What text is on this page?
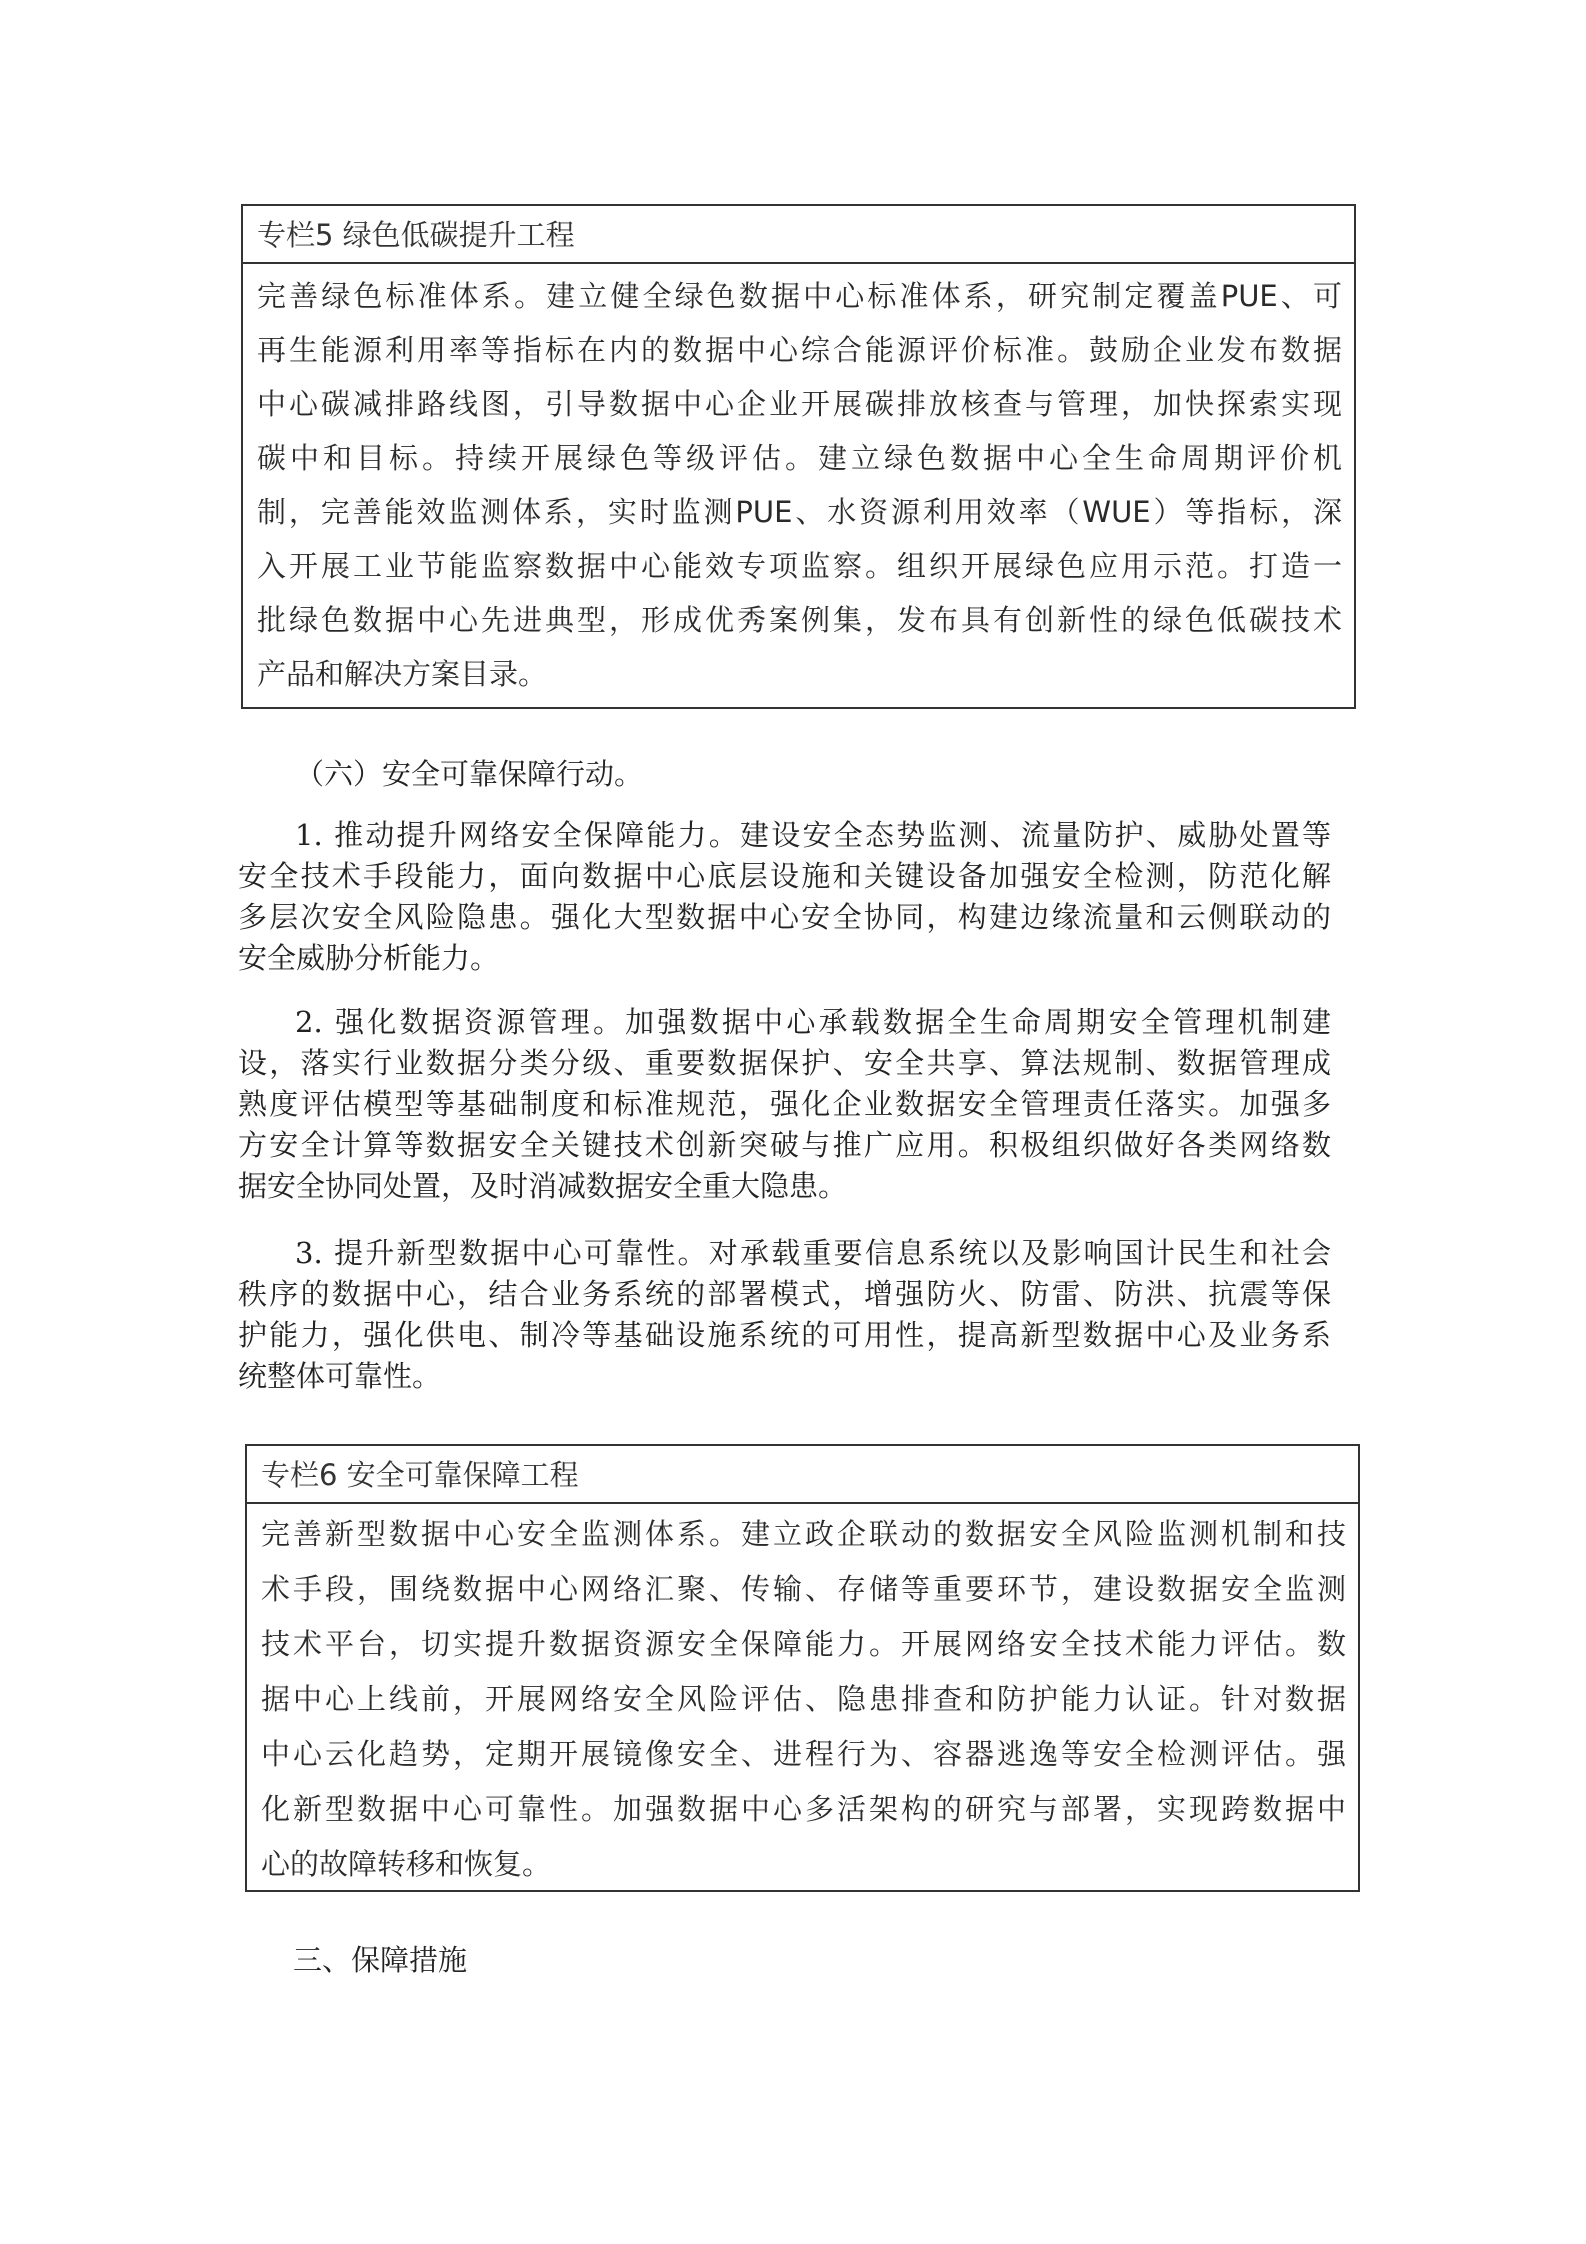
专栏5 绿色低碳提升工程
完善绿色标准体系。建立健全绿色数据中心标准体系，研究制定覆盖PUE、可
再生能源利用率等指标在内的数据中心综合能源评价标准。鼓励企业发布数据
中心碳减排路线图，引导数据中心企业开展碳排放核查与管理，加快探索实现
碳中和目标。持续开展绿色等级评估。建立绿色数据中心全生命周期评价机
制，完善能效监测体系，实时监测PUE、水资源利用效率（WUE）等指标，深
入开展工业节能监察数据中心能效专项监察。组织开展绿色应用示范。打造一
批绿色数据中心先进典型，形成优秀案例集，发布具有创新性的绿色低碳技术
产品和解决方案目录。
（六）安全可靠保障行动。
1. 推动提升网络安全保障能力。建设安全态势监测、流量防护、威胁处置等
安全技术手段能力，面向数据中心底层设施和关键设备加强安全检测，防范化解
多层次安全风险隐患。强化大型数据中心安全协同，构建边缘流量和云侧联动的
安全威胁分析能力。
2. 强化数据资源管理。加强数据中心承载数据全生命周期安全管理机制建
设，落实行业数据分类分级、重要数据保护、安全共享、算法规制、数据管理成
熟度评估模型等基础制度和标准规范，强化企业数据安全管理责任落实。加强多
方安全计算等数据安全关键技术创新突破与推广应用。积极组织做好各类网络数
据安全协同处置，及时消减数据安全重大隐患。
3. 提升新型数据中心可靠性。对承载重要信息系统以及影响国计民生和社会
秩序的数据中心，结合业务系统的部署模式，增强防火、防雷、防洪、抗震等保
护能力，强化供电、制冷等基础设施系统的可用性，提高新型数据中心及业务系
统整体可靠性。
专栏6 安全可靠保障工程
完善新型数据中心安全监测体系。建立政企联动的数据安全风险监测机制和技
术手段，围绕数据中心网络汇聚、传输、存储等重要环节，建设数据安全监测
技术平台，切实提升数据资源安全保障能力。开展网络安全技术能力评估。数
据中心上线前，开展网络安全风险评估、隐患排查和防护能力认证。针对数据
中心云化趋势，定期开展镜像安全、进程行为、容器逃逸等安全检测评估。强
化新型数据中心可靠性。加强数据中心多活架构的研究与部署，实现跨数据中
心的故障转移和恢复。
三、保障措施
